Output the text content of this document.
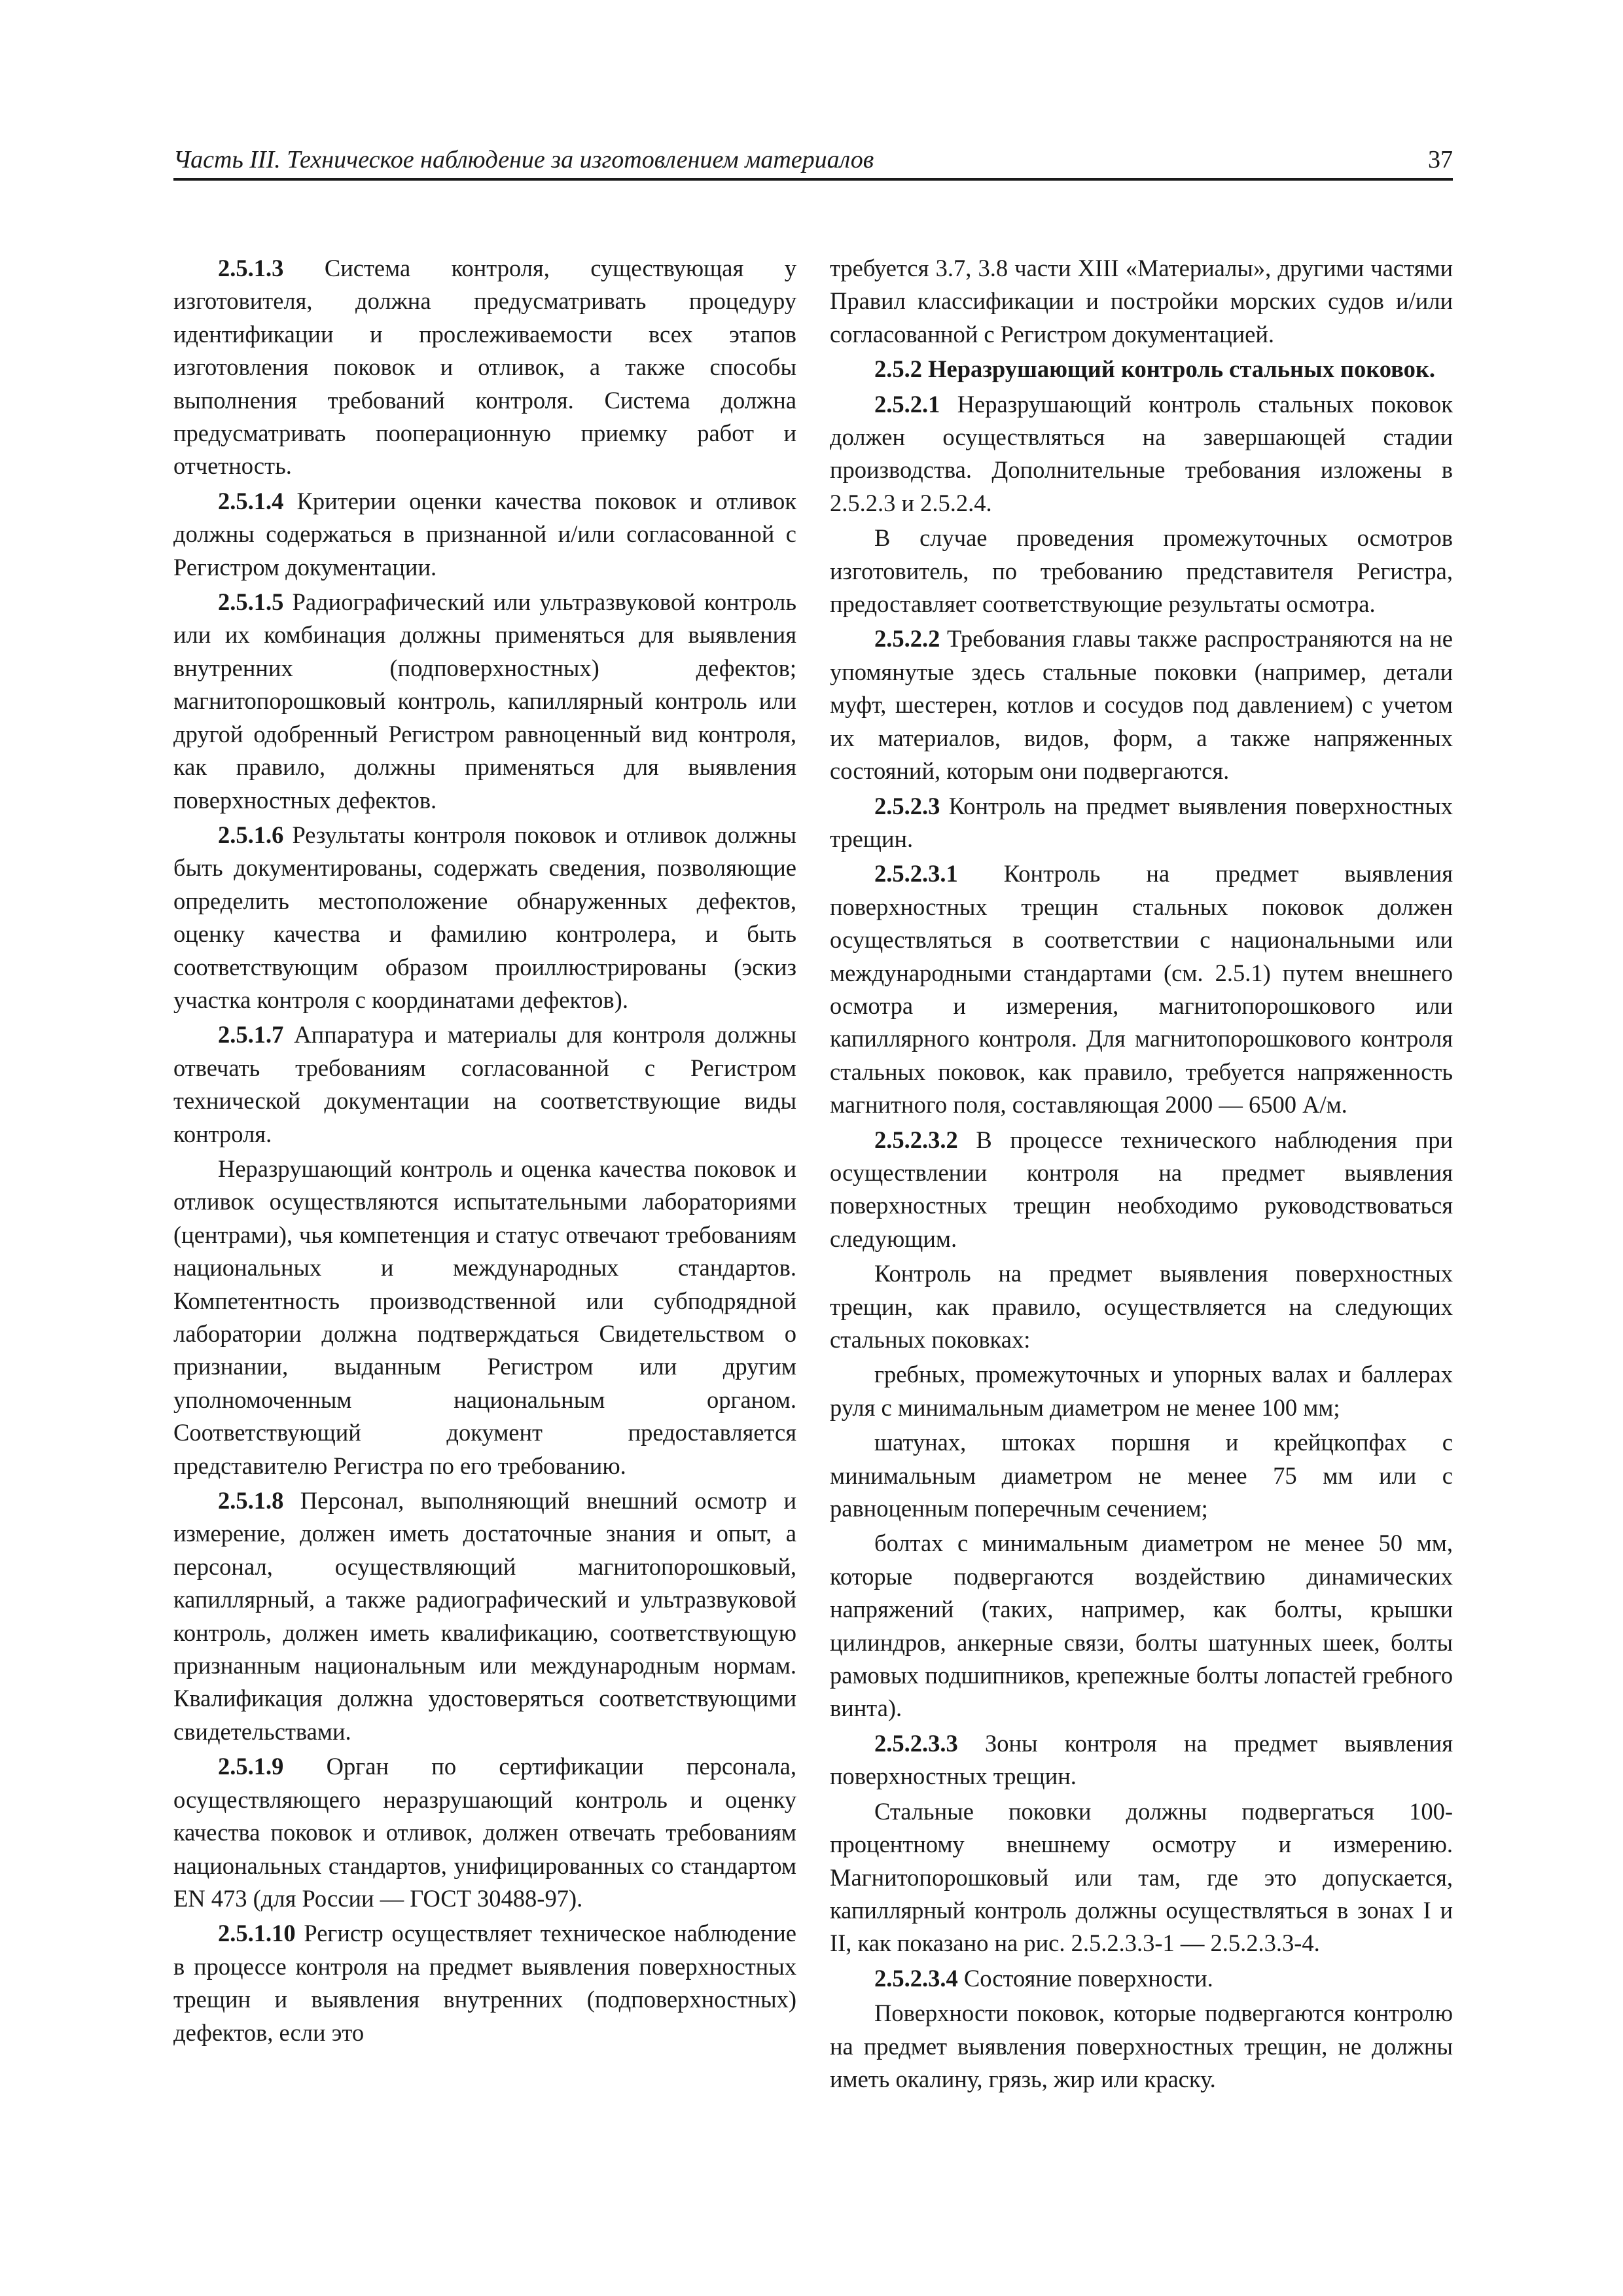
Часть III. Техническое наблюдение за изготовлением материалов	37

2.5.1.3 Система контроля, существующая у изготовителя, должна предусматривать процедуру идентификации и прослеживаемости всех этапов изготовления поковок и отливок, а также способы выполнения требований контроля. Система должна предусматривать пооперационную приемку работ и отчетность.

2.5.1.4 Критерии оценки качества поковок и отливок должны содержаться в признанной и/или согласованной с Регистром документации.

2.5.1.5 Радиографический или ультразвуковой контроль или их комбинация должны применяться для выявления внутренних (подповерхностных) дефектов; магнитопорошковый контроль, капиллярный контроль или другой одобренный Регистром равноценный вид контроля, как правило, должны применяться для выявления поверхностных дефектов.

2.5.1.6 Результаты контроля поковок и отливок должны быть документированы, содержать сведения, позволяющие определить местоположение обнаруженных дефектов, оценку качества и фамилию контролера, и быть соответствующим образом проиллюстрированы (эскиз участка контроля с координатами дефектов).

2.5.1.7 Аппаратура и материалы для контроля должны отвечать требованиям согласованной с Регистром технической документации на соответствующие виды контроля.

Неразрушающий контроль и оценка качества поковок и отливок осуществляются испытательными лабораториями (центрами), чья компетенция и статус отвечают требованиям национальных и международных стандартов. Компетентность производственной или субподрядной лаборатории должна подтверждаться Свидетельством о признании, выданным Регистром или другим уполномоченным национальным органом. Соответствующий документ предоставляется представителю Регистра по его требованию.

2.5.1.8 Персонал, выполняющий внешний осмотр и измерение, должен иметь достаточные знания и опыт, а персонал, осуществляющий магнитопорошковый, капиллярный, а также радиографический и ультразвуковой контроль, должен иметь квалификацию, соответствующую признанным национальным или международным нормам. Квалификация должна удостоверяться соответствующими свидетельствами.

2.5.1.9 Орган по сертификации персонала, осуществляющего неразрушающий контроль и оценку качества поковок и отливок, должен отвечать требованиям национальных стандартов, унифицированных со стандартом EN 473 (для России — ГОСТ 30488-97).

2.5.1.10 Регистр осуществляет техническое наблюдение в процессе контроля на предмет выявления поверхностных трещин и выявления внутренних (подповерхностных) дефектов, если это

требуется 3.7, 3.8 части XIII «Материалы», другими частями Правил классификации и постройки морских судов и/или согласованной с Регистром документацией.

2.5.2 Неразрушающий контроль стальных поковок.

2.5.2.1 Неразрушающий контроль стальных поковок должен осуществляться на завершающей стадии производства. Дополнительные требования изложены в 2.5.2.3 и 2.5.2.4.

В случае проведения промежуточных осмотров изготовитель, по требованию представителя Регистра, предоставляет соответствующие результаты осмотра.

2.5.2.2 Требования главы также распространяются на не упомянутые здесь стальные поковки (например, детали муфт, шестерен, котлов и сосудов под давлением) с учетом их материалов, видов, форм, а также напряженных состояний, которым они подвергаются.

2.5.2.3 Контроль на предмет выявления поверхностных трещин.

2.5.2.3.1 Контроль на предмет выявления поверхностных трещин стальных поковок должен осуществляться в соответствии с национальными или международными стандартами (см. 2.5.1) путем внешнего осмотра и измерения, магнитопорошкового или капиллярного контроля. Для магнитопорошкового контроля стальных поковок, как правило, требуется напряженность магнитного поля, составляющая 2000 — 6500 А/м.

2.5.2.3.2 В процессе технического наблюдения при осуществлении контроля на предмет выявления поверхностных трещин необходимо руководствоваться следующим.

Контроль на предмет выявления поверхностных трещин, как правило, осуществляется на следующих стальных поковках:

гребных, промежуточных и упорных валах и баллерах руля с минимальным диаметром не менее 100 мм;

шатунах, штоках поршня и крейцкопфах с минимальным диаметром не менее 75 мм или с равноценным поперечным сечением;

болтах с минимальным диаметром не менее 50 мм, которые подвергаются воздействию динамических напряжений (таких, например, как болты, крышки цилиндров, анкерные связи, болты шатунных шеек, болты рамовых подшипников, крепежные болты лопастей гребного винта).

2.5.2.3.3 Зоны контроля на предмет выявления поверхностных трещин.

Стальные поковки должны подвергаться 100-процентному внешнему осмотру и измерению. Магнитопорошковый или там, где это допускается, капиллярный контроль должны осуществляться в зонах I и II, как показано на рис. 2.5.2.3.3-1 — 2.5.2.3.3-4.

2.5.2.3.4 Состояние поверхности.

Поверхности поковок, которые подвергаются контролю на предмет выявления поверхностных трещин, не должны иметь окалину, грязь, жир или краску.
